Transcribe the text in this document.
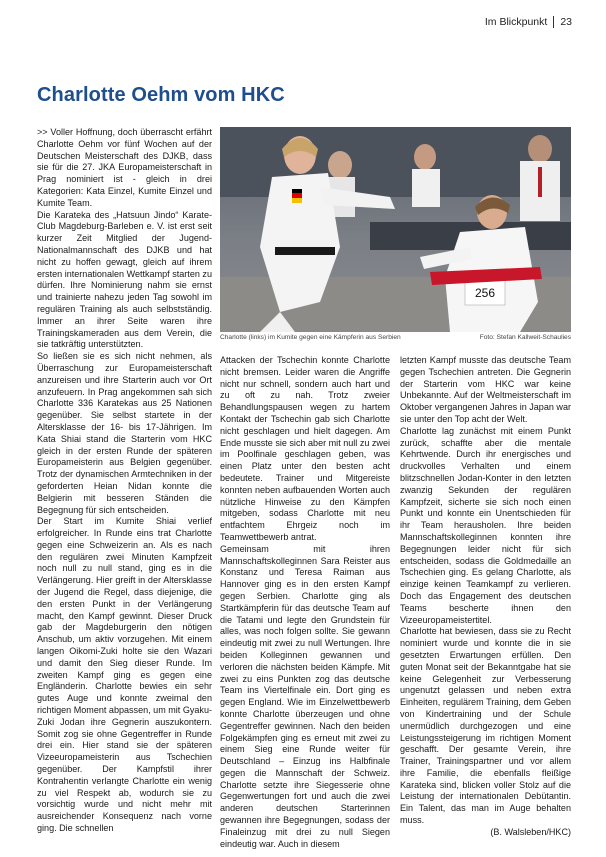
Im Blickpunkt 23
Charlotte Oehm vom HKC
256
Charlotte (links) im Kumite gegen eine Kämpferin aus Serbien	Foto: Stefan Kallweit-Schaulies

>> Voller Hoffnung, doch überrascht erfährt Charlotte Oehm vor fünf Wochen auf der Deutschen Meisterschaft des DJKB, dass sie für die 27. JKA Europameisterschaft in Prag nominiert ist - gleich in drei Kategorien: Kata Einzel, Kumite Einzel und Kumite Team.

Die Karateka des „Hatsuun Jindo“ Karate-Club Magdeburg-Barleben e. V. ist erst seit kurzer Zeit Mitglied der Jugend-Nationalmannschaft des DJKB und hat nicht zu hoffen gewagt, gleich auf ihrem ersten internationalen Wettkampf starten zu dürfen. Ihre Nominierung nahm sie ernst und trainierte nahezu jeden Tag sowohl im regulären Training als auch selbstständig. Immer an ihrer Seite waren ihre Trainingskameraden aus dem Verein, die sie tatkräftig unterstützten.

So ließen sie es sich nicht nehmen, als Überraschung zur Europameisterschaft anzureisen und ihre Starterin auch vor Ort anzufeuern. In Prag angekommen sah sich Charlotte 336 Karatekas aus 25 Nationen gegenüber. Sie selbst startete in der Altersklasse der 16- bis 17-Jährigen. Im Kata Shiai stand die Starterin vom HKC gleich in der ersten Runde der späteren Europameisterin aus Belgien gegenüber. Trotz der dynamischen Armtechniken in der geforderten Heian Nidan konnte die Belgierin mit besseren Ständen die Begegnung für sich entscheiden.

Der Start im Kumite Shiai verlief erfolgreicher. In Runde eins trat Charlotte gegen eine Schweizerin an. Als es nach den regulären zwei Minuten Kampfzeit noch null zu null stand, ging es in die Verlängerung. Hier greift in der Altersklasse der Jugend die Regel, dass diejenige, die den ersten Punkt in der Verlängerung macht, den Kampf gewinnt. Dieser Druck gab der Magdeburgerin den nötigen Anschub, um aktiv vorzugehen. Mit einem langen Oikomi-Zuki holte sie den Wazari und damit den Sieg dieser Runde. Im zweiten Kampf ging es gegen eine Engländerin. Charlotte bewies ein sehr gutes Auge und konnte zweimal den richtigen Moment abpassen, um mit Gyaku-Zuki Jodan ihre Gegnerin auszukontern. Somit zog sie ohne Gegentreffer in Runde drei ein. Hier stand sie der späteren Vizeeuropameisterin aus Tschechien gegenüber. Der Kampfstil ihrer Kontrahentin verlangte Charlotte ein wenig zu viel Respekt ab, wodurch sie zu vorsichtig wurde und nicht mehr mit ausreichender Konsequenz nach vorne ging. Die schnellen

Attacken der Tschechin konnte Charlotte nicht bremsen. Leider waren die Angriffe nicht nur schnell, sondern auch hart und zu oft zu nah. Trotz zweier Behandlungspausen wegen zu hartem Kontakt der Tschechin gab sich Charlotte nicht geschlagen und hielt dagegen. Am Ende musste sie sich aber mit null zu zwei im Poolfinale geschlagen geben, was einen Platz unter den besten acht bedeutete. Trainer und Mitgereiste konnten neben aufbauenden Worten auch nützliche Hinweise zu den Kämpfen mitgeben, sodass Charlotte mit neu entfachtem Ehrgeiz noch im Teamwettbewerb antrat.

Gemeinsam mit ihren Mannschaftskolleginnen Sara Reister aus Konstanz und Teresa Raiman aus Hannover ging es in den ersten Kampf gegen Serbien. Charlotte ging als Startkämpferin für das deutsche Team auf die Tatami und legte den Grundstein für alles, was noch folgen sollte. Sie gewann eindeutig mit zwei zu null Wertungen. Ihre beiden Kolleginnen gewannen und verloren die nächsten beiden Kämpfe. Mit zwei zu eins Punkten zog das deutsche Team ins Viertelfinale ein. Dort ging es gegen England. Wie im Einzelwettbewerb konnte Charlotte überzeugen und ohne Gegentreffer gewinnen. Nach den beiden Folgekämpfen ging es erneut mit zwei zu einem Sieg eine Runde weiter für Deutschland – Einzug ins Halbfinale gegen die Mannschaft der Schweiz. Charlotte setzte ihre Siegesserie ohne Gegenwertungen fort und auch die zwei anderen deutschen Starterinnen gewannen ihre Begegnungen, sodass der Finaleinzug mit drei zu null Siegen eindeutig war. Auch in diesem

letzten Kampf musste das deutsche Team gegen Tschechien antreten. Die Gegnerin der Starterin vom HKC war keine Unbekannte. Auf der Weltmeisterschaft im Oktober vergangenen Jahres in Japan war sie unter den Top acht der Welt.

Charlotte lag zunächst mit einem Punkt zurück, schaffte aber die mentale Kehrtwende. Durch ihr energisches und druckvolles Verhalten und einem blitzschnellen Jodan-Konter in den letzten zwanzig Sekunden der regulären Kampfzeit, sicherte sie sich noch einen Punkt und konnte ein Unentschieden für ihr Team herausholen. Ihre beiden Mannschaftskolleginnen konnten ihre Begegnungen leider nicht für sich entscheiden, sodass die Goldmedaille an Tschechien ging. Es gelang Charlotte, als einzige keinen Teamkampf zu verlieren. Doch das Engagement des deutschen Teams bescherte ihnen den Vizeeuropameistertitel.

Charlotte hat bewiesen, dass sie zu Recht nominiert wurde und konnte die in sie gesetzten Erwartungen erfüllen. Den guten Monat seit der Bekanntgabe hat sie keine Gelegenheit zur Verbesserung ungenutzt gelassen und neben extra Einheiten, regulärem Training, dem Geben von Kindertraining und der Schule unermüdlich durchgezogen und eine Leistungssteigerung im richtigen Moment geschafft. Der gesamte Verein, ihre Trainer, Trainingspartner und vor allem ihre Familie, die ebenfalls fleißige Karateka sind, blicken voller Stolz auf die Leistung der internationalen Debütantin. Ein Talent, das man im Auge behalten muss.

(B. Walsleben/HKC)
